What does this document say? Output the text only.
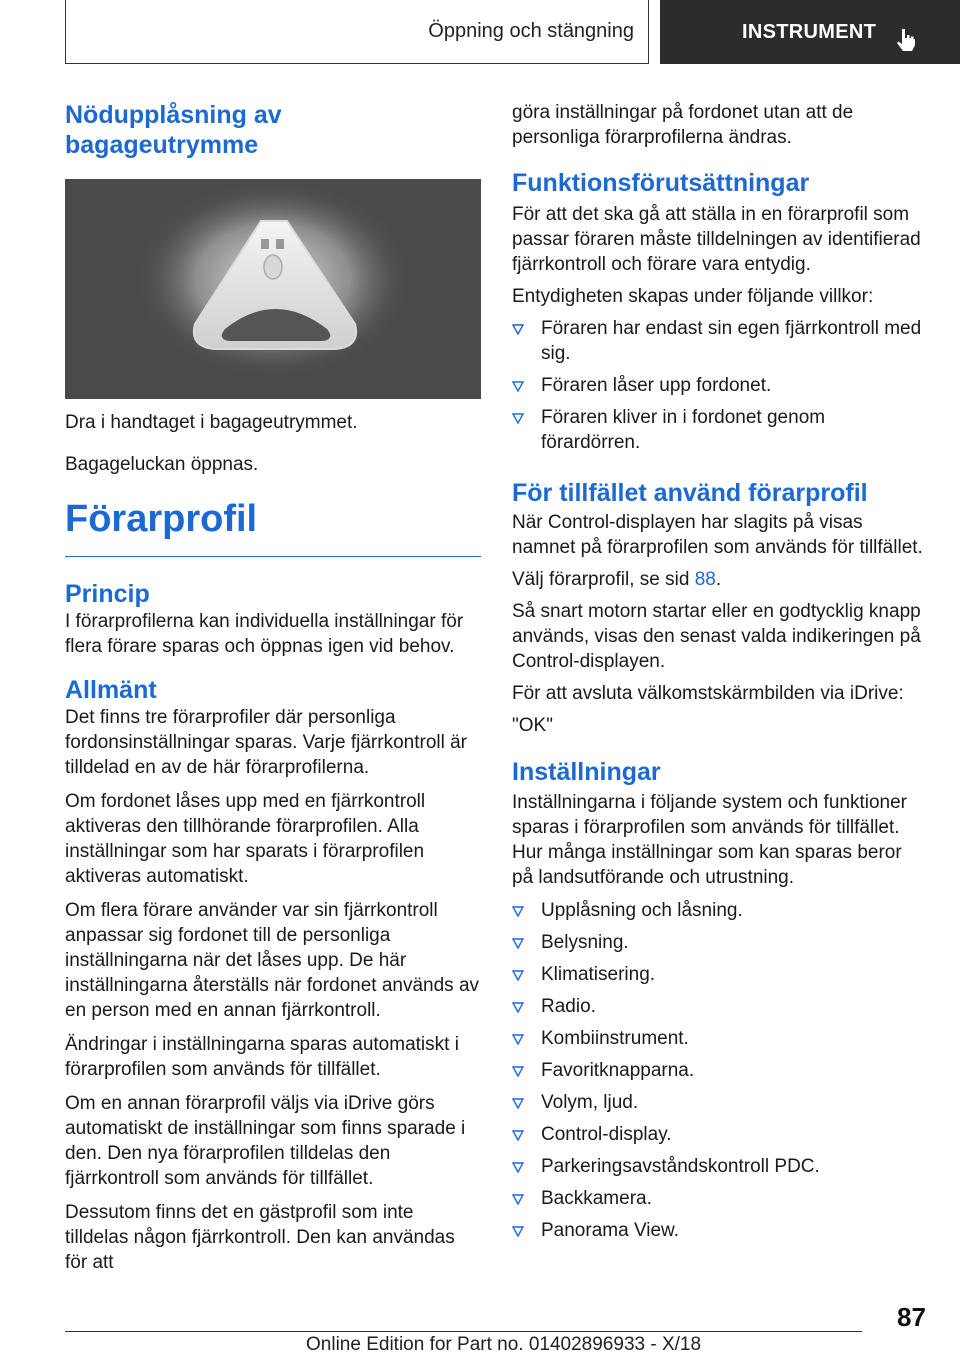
Öppning och stängning	INSTRUMENT
Nödupplåsning av bagageutrymme

Dra i handtaget i bagageutrymmet.

Bagageluckan öppnas.

Förarprofil
Princip

I förarprofilerna kan individuella inställningar för flera förare sparas och öppnas igen vid behov.

Allmänt

Det finns tre förarprofiler där personliga fordonsinställningar sparas. Varje fjärrkontroll är tilldelad en av de här förarprofilerna.

Om fordonet låses upp med en fjärrkontroll aktiveras den tillhörande förarprofilen. Alla inställningar som har sparats i förarprofilen aktiveras automatiskt.

Om flera förare använder var sin fjärrkontroll anpassar sig fordonet till de personliga inställningarna när det låses upp. De här inställningarna återställs när fordonet används av en person med en annan fjärrkontroll.

Ändringar i inställningarna sparas automatiskt i förarprofilen som används för tillfället.

Om en annan förarprofil väljs via iDrive görs automatiskt de inställningar som finns sparade i den. Den nya förarprofilen tilldelas den fjärrkontroll som används för tillfället.

Dessutom finns det en gästprofil som inte tilldelas någon fjärrkontroll. Den kan användas för att

göra inställningar på fordonet utan att de personliga förarprofilerna ändras.

Funktionsförutsättningar

För att det ska gå att ställa in en förarprofil som passar föraren måste tilldelningen av identifierad fjärrkontroll och förare vara entydig.

Entydigheten skapas under följande villkor:

Föraren har endast sin egen fjärrkontroll med sig.
Föraren låser upp fordonet.
Föraren kliver in i fordonet genom förardörren.
För tillfället använd förarprofil

När Control-displayen har slagits på visas namnet på förarprofilen som används för tillfället.

Välj förarprofil, se sid 88.

Så snart motorn startar eller en godtycklig knapp används, visas den senast valda indikeringen på Control-displayen.

För att avsluta välkomstskärmbilden via iDrive:

"OK"

Inställningar

Inställningarna i följande system och funktioner sparas i förarprofilen som används för tillfället. Hur många inställningar som kan sparas beror på landsutförande och utrustning.

Upplåsning och låsning.
Belysning.
Klimatisering.
Radio.
Kombiinstrument.
Favoritknapparna.
Volym, ljud.
Control-display.
Parkeringsavståndskontroll PDC.
Backkamera.
Panorama View.
87
Online Edition for Part no. 01402896933 - X/18
